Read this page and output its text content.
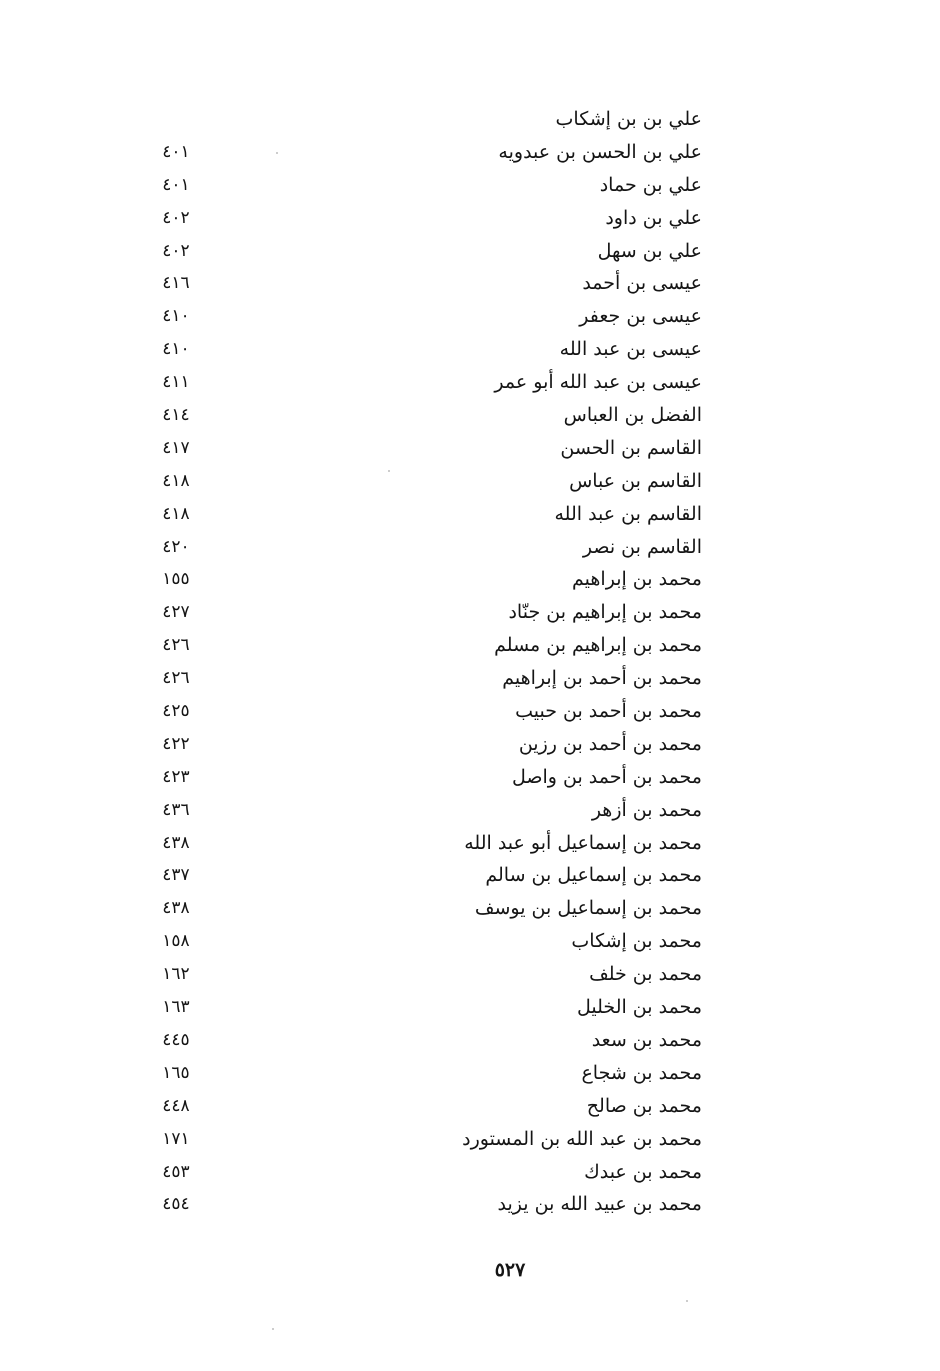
علي بن بن إشكاب
علي بن الحسن بن عبدويه
٤٠١
علي بن حماد
٤٠١
علي بن داود
٤٠٢
علي بن سهل
٤٠٢
عيسى بن أحمد
٤١٦
عيسى بن جعفر
٤١٠
عيسى بن عبد الله
٤١٠
عيسى بن عبد الله أبو عمر
٤١١
الفضل بن العباس
٤١٤
القاسم بن الحسن
٤١٧
القاسم بن عباس
٤١٨
القاسم بن عبد الله
٤١٨
القاسم بن نصر
٤٢٠
محمد بن إبراهيم
١٥٥
محمد بن إبراهيم بن جنّاد
٤٢٧
محمد بن إبراهيم بن مسلم
٤٢٦
محمد بن أحمد بن إبراهيم
٤٢٦
محمد بن أحمد بن حبيب
٤٢٥
محمد بن أحمد بن رزين
٤٢٢
محمد بن أحمد بن واصل
٤٢٣
محمد بن أزهر
٤٣٦
محمد بن إسماعيل أبو عبد الله
٤٣٨
محمد بن إسماعيل بن سالم
٤٣٧
محمد بن إسماعيل بن يوسف
٤٣٨
محمد بن إشكاب
١٥٨
محمد بن خلف
١٦٢
محمد بن الخليل
١٦٣
محمد بن سعد
٤٤٥
محمد بن شجاع
١٦٥
محمد بن صالح
٤٤٨
محمد بن عبد الله بن المستورد
١٧١
محمد بن عبدك
٤٥٣
محمد بن عبيد الله بن يزيد
٤٥٤
٥٢٧
